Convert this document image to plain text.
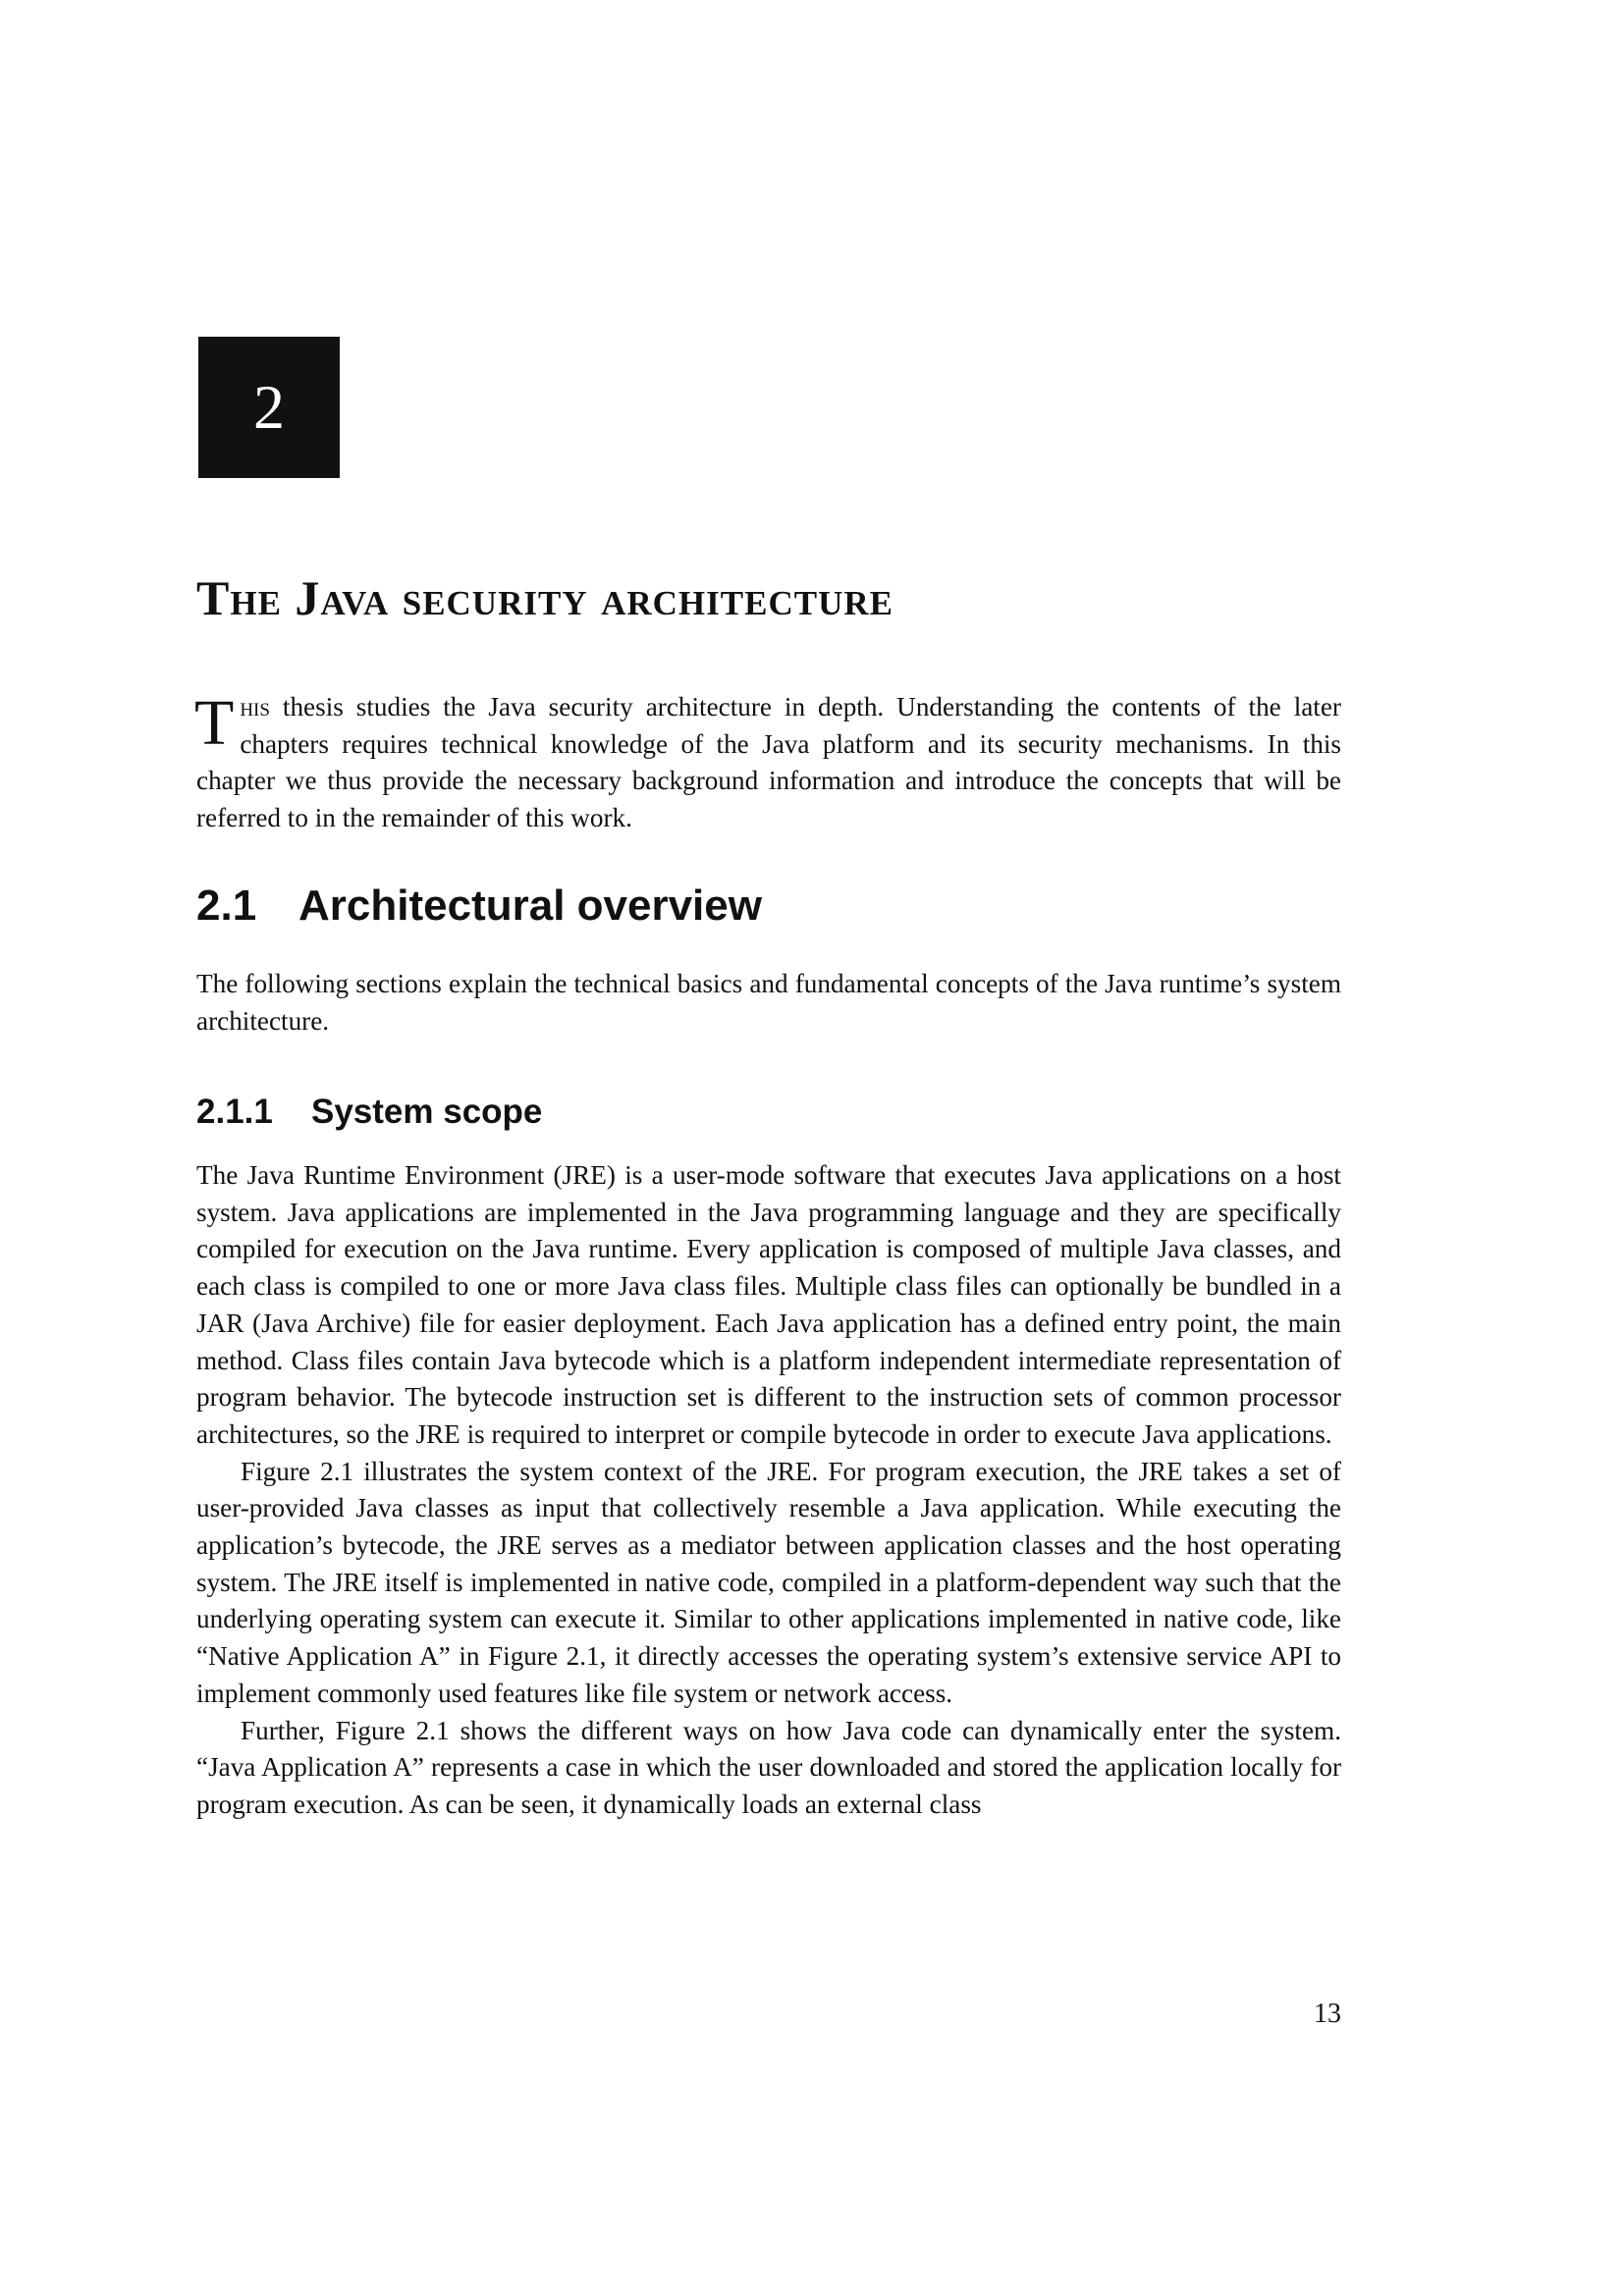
2
The Java security architecture

This thesis studies the Java security architecture in depth. Understanding the contents of the later chapters requires technical knowledge of the Java platform and its security mechanisms. In this chapter we thus provide the necessary background information and introduce the concepts that will be referred to in the remainder of this work.

2.1 Architectural overview

The following sections explain the technical basics and fundamental concepts of the Java runtime’s system architecture.

2.1.1 System scope

The Java Runtime Environment (JRE) is a user-mode software that executes Java applications on a host system. Java applications are implemented in the Java programming language and they are specifically compiled for execution on the Java runtime. Every application is composed of multiple Java classes, and each class is compiled to one or more Java class files. Multiple class files can optionally be bundled in a JAR (Java Archive) file for easier deployment. Each Java application has a defined entry point, the main method. Class files contain Java bytecode which is a platform independent intermediate representation of program behavior. The bytecode instruction set is different to the instruction sets of common processor architectures, so the JRE is required to interpret or compile bytecode in order to execute Java applications.

Figure 2.1 illustrates the system context of the JRE. For program execution, the JRE takes a set of user-provided Java classes as input that collectively resemble a Java application. While executing the application’s bytecode, the JRE serves as a mediator between application classes and the host operating system. The JRE itself is implemented in native code, compiled in a platform-dependent way such that the underlying operating system can execute it. Similar to other applications implemented in native code, like “Native Application A” in Figure 2.1, it directly accesses the operating system’s extensive service API to implement commonly used features like file system or network access.

Further, Figure 2.1 shows the different ways on how Java code can dynamically enter the system. “Java Application A” represents a case in which the user downloaded and stored the application locally for program execution. As can be seen, it dynamically loads an external class

13
